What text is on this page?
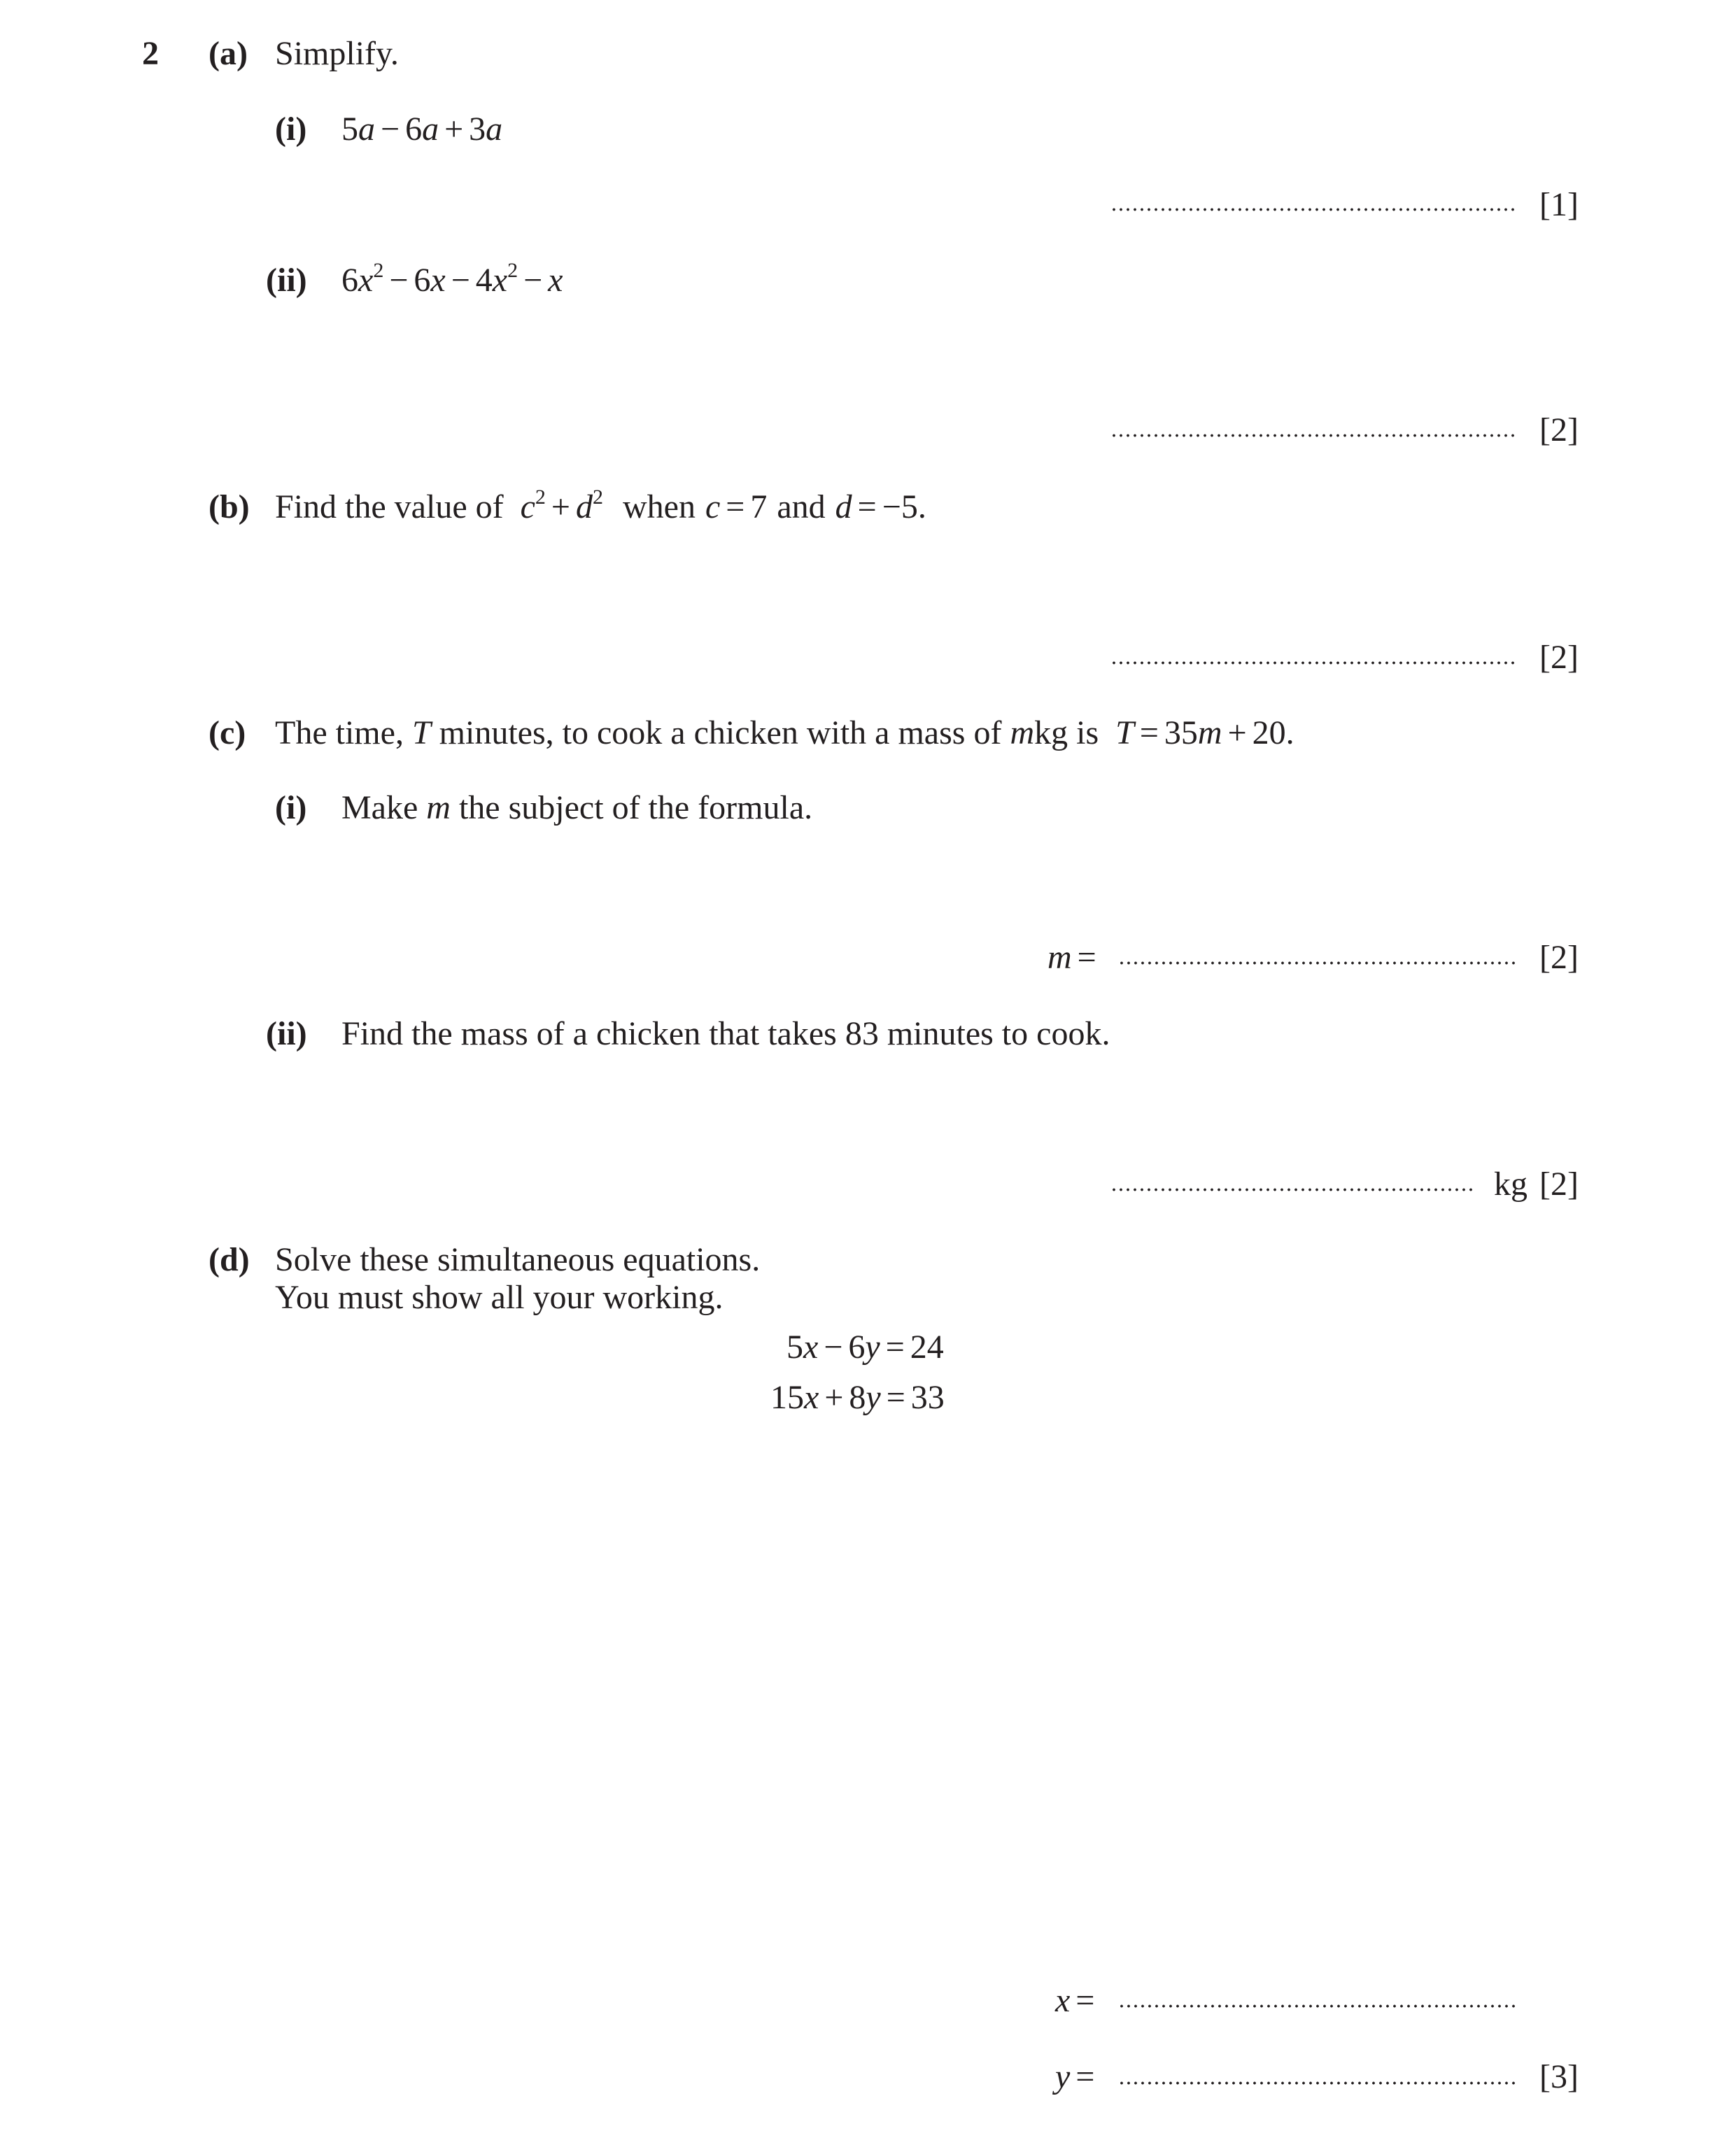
2 (a) Simplify.
(i) 5a − 6a + 3a
[1]
(ii) $6x^2 - 6x - 4x^2 - x$
[2]
(b) Find the value of $c^2 + d^2$ when c = 7 and d = −5.
[2]
(c) The time, T minutes, to cook a chicken with a mass of mkg is T = 35m + 20.
(i) Make m the subject of the formula.
m =	[2]
(ii) Find the mass of a chicken that takes 83 minutes to cook.
kg [2]
(d) Solve these simultaneous equations.
You must show all your working.
5x − 6y = 24
15x + 8y = 33
x =
y =	[3]
